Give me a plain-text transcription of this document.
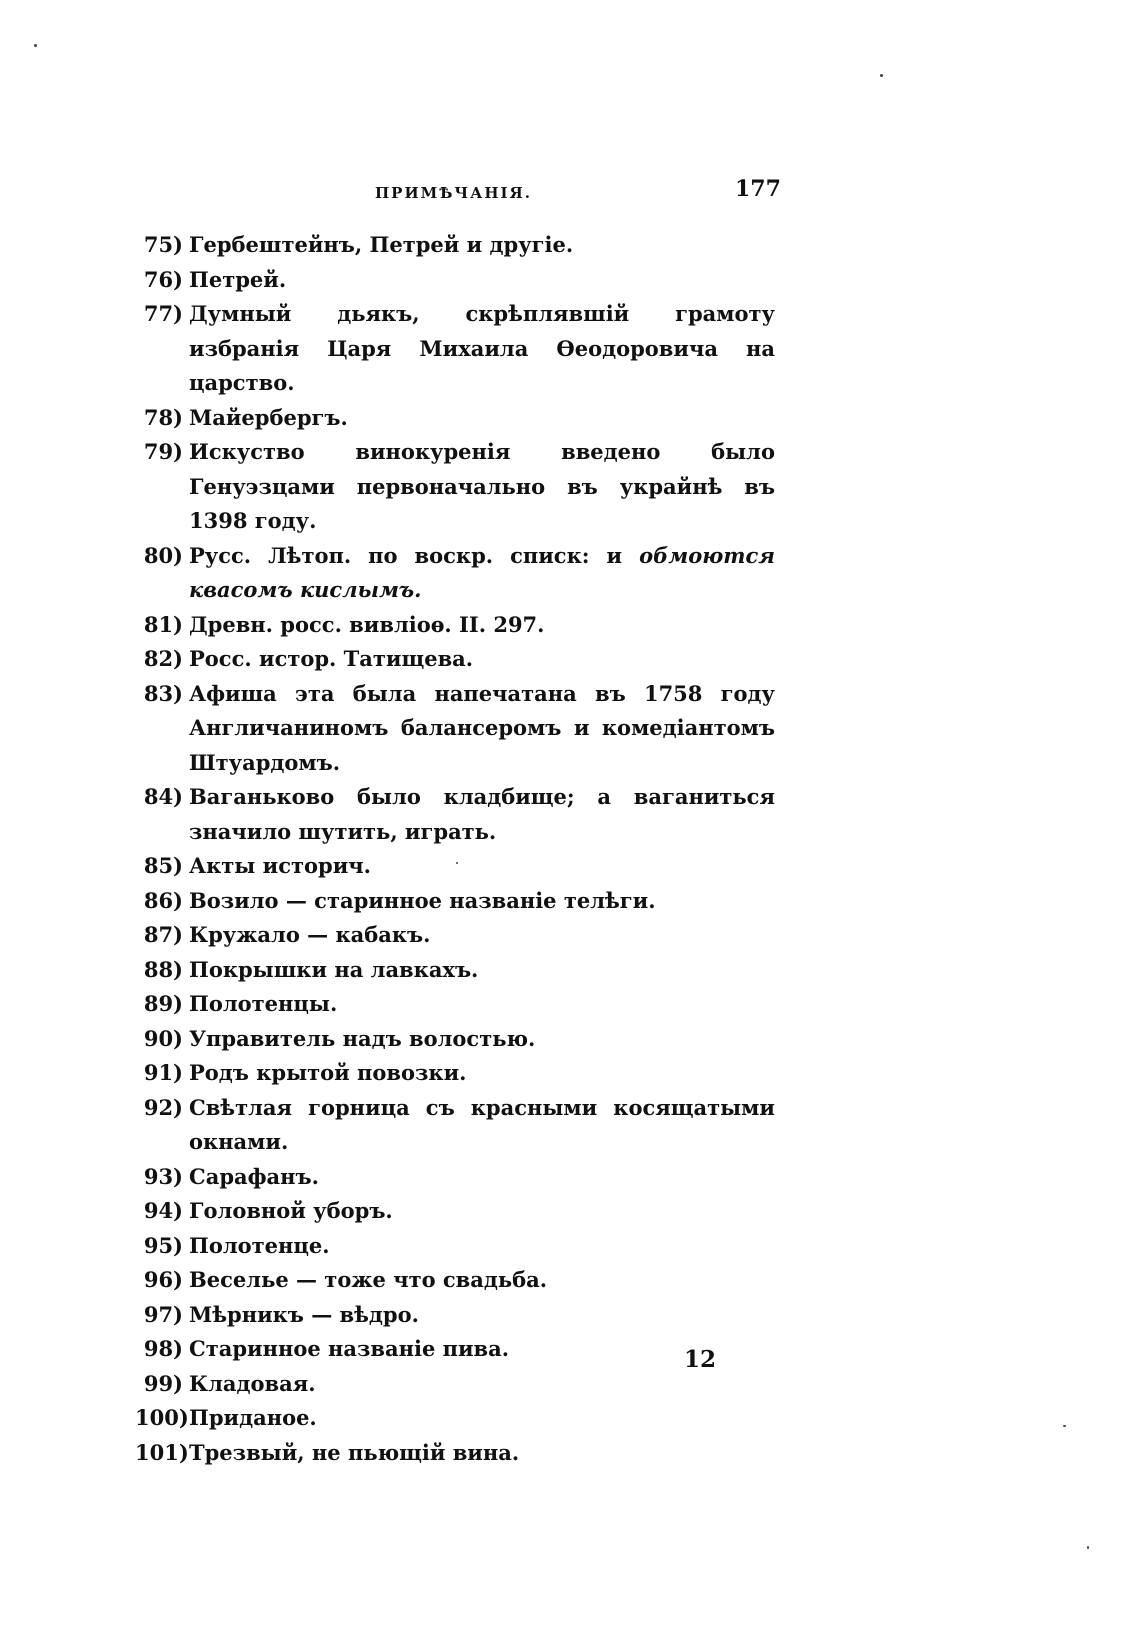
ПРИМѢЧАНІЯ.	177
75) Гербештейнъ, Петрей и другіе.
76) Петрей.
77) Думный дьякъ, скрѣплявшій грамоту избранія Царя Михаила Ѳеодоровича на царство.
78) Майербергъ.
79) Искуство винокуренія введено было Генуэзцами первоначально въ украйнѣ въ 1398 году.
80) Русс. Лѣтоп. по воскр. списк: и обмоются квасомъ кислымъ.
81) Древн. росс. вивліоѳ. II. 297.
82) Росс. истор. Татищева.
83) Афиша эта была напечатана въ 1758 году Англичаниномъ балансеромъ и комедіантомъ Штуардомъ.
84) Ваганьково было кладбище; а ваганиться значило шутить, играть.
85) Акты историч.
86) Возило — старинное названіе телѣги.
87) Кружало — кабакъ.
88) Покрышки на лавкахъ.
89) Полотенцы.
90) Управитель надъ волостью.
91) Родъ крытой повозки.
92) Свѣтлая горница съ красными косящатыми окнами.
93) Сарафанъ.
94) Головной уборъ.
95) Полотенце.
96) Веселье — тоже что свадьба.
97) Мѣрникъ — вѣдро.
98) Старинное названіе пива.
99) Кладовая.
100) Приданое.
101) Трезвый, не пьющій вина.
12
